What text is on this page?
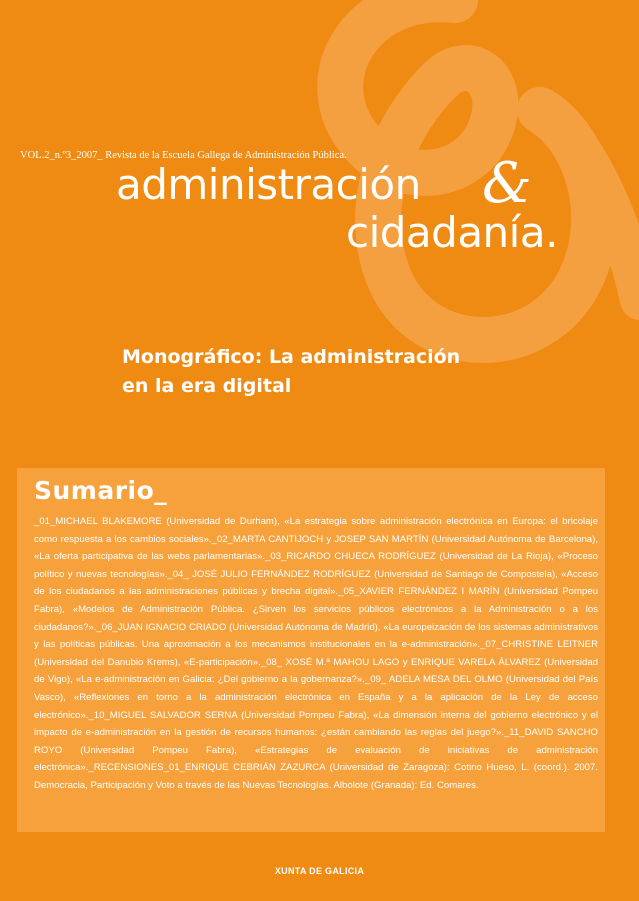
VOL.2_n.º3_2007_ Revista de la Escuela Gallega de Administración Pública.
administración &
cidadanía.
Monográfico: La administración
en la era digital
Sumario_
_01_MICHAEL BLAKEMORE (Universidad de Durham), «La estrategia sobre administración electrónica en Europa: el bricolaje como respuesta a los cambios sociales»._02_MARTA CANTIJOCH y JOSEP SAN MARTÍN (Universidad Autónoma de Barcelona), «La oferta participativa de las webs parlamentarias»._03_RICARDO CHUECA RODRÍGUEZ (Universidad de La Rioja), «Proceso político y nuevas tecnologías»._04_ JOSÉ JULIO FERNÁNDEZ RODRÍGUEZ (Universidad de Santiago de Compostela), «Acceso de los ciudadanos a las administraciones públicas y brecha digital»._05_XAVIER FERNÁNDEZ I MARÍN (Universidad Pompeu Fabra), «Modelos de Administración Pública. ¿Sirven los servicios públicos electrónicos a la Administración o a los ciudadanos?»._06_JUAN IGNACIO CRIADO (Universidad Autónoma de Madrid), «La europeización de los sistemas administrativos y las políticas públicas. Una aproximación a los mecanismos institucionales en la e-administración»._07_CHRISTINE LEITNER (Universidad del Danubio Krems), «E-participación»._08_ XOSÉ M.ª MAHOU LAGO y ENRIQUE VARELA ÁLVAREZ (Universidad de Vigo), «La e-administración en Galicia: ¿Del gobierno a la gobernanza?»._09_ ADELA MESA DEL OLMO (Universidad del País Vasco), «Reflexiones en torno a la administración electrónica en España y a la aplicación de la Ley de acceso electrónico»._10_MIGUEL SALVADOR SERNA (Universidad Pompeu Fabra), «La dimensión interna del gobierno electrónico y el impacto de e-administración en la gestión de recursos humanos: ¿están cambiando las reglas del juego?»._11_DAVID SANCHO ROYO (Universidad Pompeu Fabra), «Estrategias de evaluación de iniciativas de administración electrónica»._RECENSIONES_01_ENRIQUE CEBRIÁN ZAZURCA (Universidad de Zaragoza): Cotino Hueso, L. (coord.). 2007. Democracia, Participación y Voto a través de las Nuevas Tecnologías. Albolote (Granada): Ed. Comares.
XUNTA DE GALICIA
